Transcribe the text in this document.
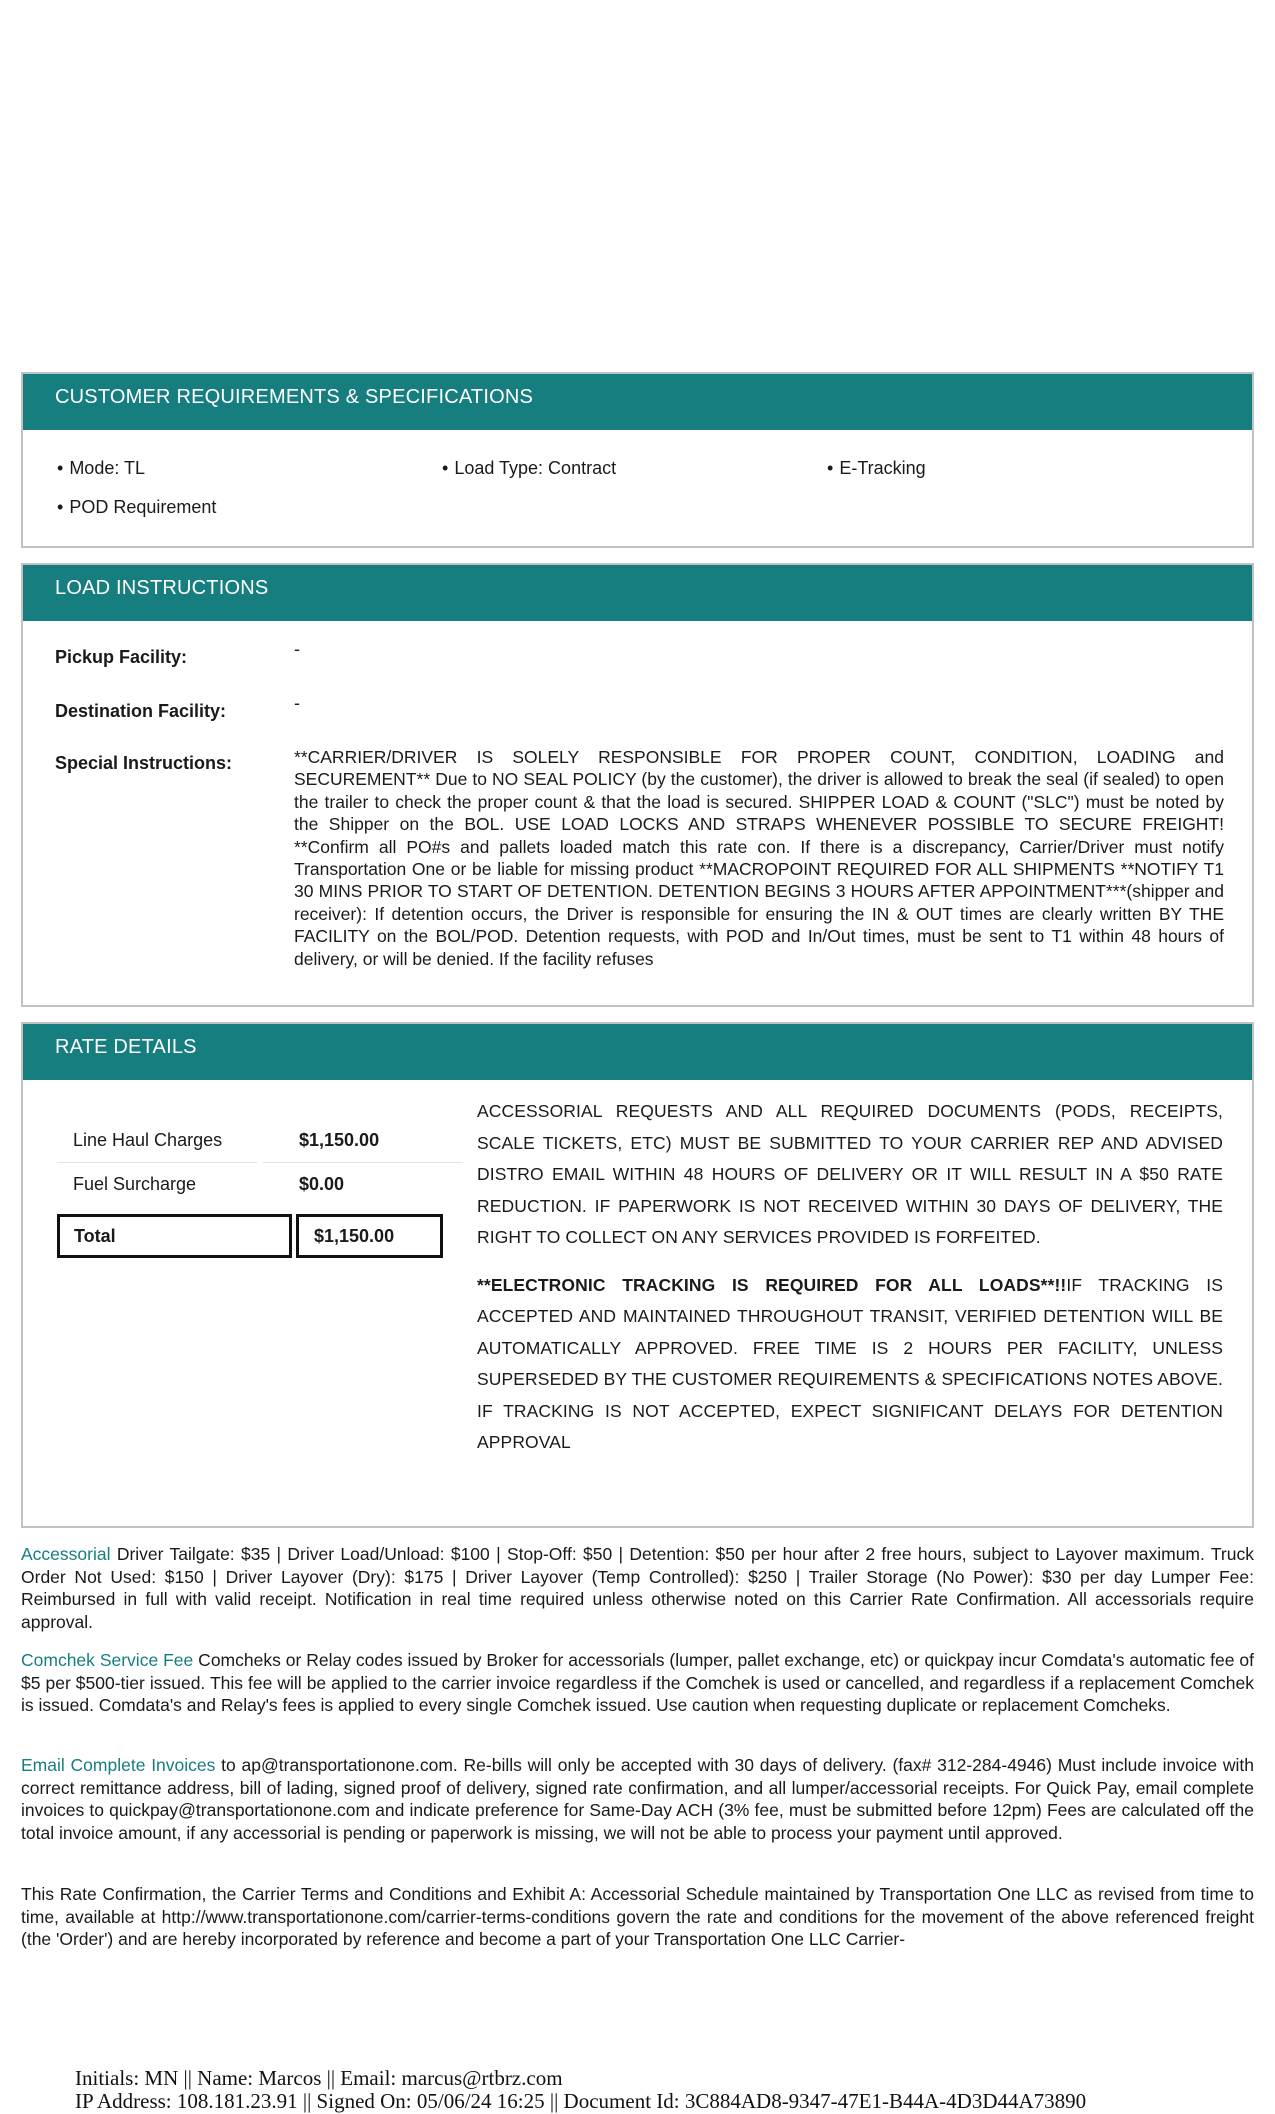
CUSTOMER REQUIREMENTS & SPECIFICATIONS
• Mode: TL	• Load Type: Contract	• E-Tracking
• POD Requirement
LOAD INSTRUCTIONS
Pickup Facility:	-
Destination Facility:	-
Special Instructions:	**CARRIER/DRIVER IS SOLELY RESPONSIBLE FOR PROPER COUNT, CONDITION, LOADING and SECUREMENT** Due to NO SEAL POLICY (by the customer), the driver is allowed to break the seal (if sealed) to open the trailer to check the proper count & that the load is secured. SHIPPER LOAD & COUNT ("SLC") must be noted by the Shipper on the BOL. USE LOAD LOCKS AND STRAPS WHENEVER POSSIBLE TO SECURE FREIGHT! **Confirm all PO#s and pallets loaded match this rate con. If there is a discrepancy, Carrier/Driver must notify Transportation One or be liable for missing product **MACROPOINT REQUIRED FOR ALL SHIPMENTS **NOTIFY T1 30 MINS PRIOR TO START OF DETENTION. DETENTION BEGINS 3 HOURS AFTER APPOINTMENT***(shipper and receiver): If detention occurs, the Driver is responsible for ensuring the IN & OUT times are clearly written BY THE FACILITY on the BOL/POD. Detention requests, with POD and In/Out times, must be sent to T1 within 48 hours of delivery, or will be denied. If the facility refuses
RATE DETAILS
Line Haul Charges	$1,150.00
Fuel Surcharge	$0.00
Total	$1,150.00

ACCESSORIAL REQUESTS AND ALL REQUIRED DOCUMENTS (PODS, RECEIPTS, SCALE TICKETS, ETC) MUST BE SUBMITTED TO YOUR CARRIER REP AND ADVISED DISTRO EMAIL WITHIN 48 HOURS OF DELIVERY OR IT WILL RESULT IN A $50 RATE REDUCTION. IF PAPERWORK IS NOT RECEIVED WITHIN 30 DAYS OF DELIVERY, THE RIGHT TO COLLECT ON ANY SERVICES PROVIDED IS FORFEITED.

**ELECTRONIC TRACKING IS REQUIRED FOR ALL LOADS**!!IF TRACKING IS ACCEPTED AND MAINTAINED THROUGHOUT TRANSIT, VERIFIED DETENTION WILL BE AUTOMATICALLY APPROVED. FREE TIME IS 2 HOURS PER FACILITY, UNLESS SUPERSEDED BY THE CUSTOMER REQUIREMENTS & SPECIFICATIONS NOTES ABOVE. IF TRACKING IS NOT ACCEPTED, EXPECT SIGNIFICANT DELAYS FOR DETENTION APPROVAL

Accessorial Driver Tailgate: $35 | Driver Load/Unload: $100 | Stop-Off: $50 | Detention: $50 per hour after 2 free hours, subject to Layover maximum. Truck Order Not Used: $150 | Driver Layover (Dry): $175 | Driver Layover (Temp Controlled): $250 | Trailer Storage (No Power): $30 per day Lumper Fee: Reimbursed in full with valid receipt. Notification in real time required unless otherwise noted on this Carrier Rate Confirmation. All accessorials require approval.
Comchek Service Fee Comcheks or Relay codes issued by Broker for accessorials (lumper, pallet exchange, etc) or quickpay incur Comdata's automatic fee of $5 per $500-tier issued. This fee will be applied to the carrier invoice regardless if the Comchek is used or cancelled, and regardless if a replacement Comchek is issued. Comdata's and Relay's fees is applied to every single Comchek issued. Use caution when requesting duplicate or replacement Comcheks.
Email Complete Invoices to ap@transportationone.com. Re-bills will only be accepted with 30 days of delivery. (fax# 312-284-4946) Must include invoice with correct remittance address, bill of lading, signed proof of delivery, signed rate confirmation, and all lumper/accessorial receipts. For Quick Pay, email complete invoices to quickpay@transportationone.com and indicate preference for Same-Day ACH (3% fee, must be submitted before 12pm) Fees are calculated off the total invoice amount, if any accessorial is pending or paperwork is missing, we will not be able to process your payment until approved.
This Rate Confirmation, the Carrier Terms and Conditions and Exhibit A: Accessorial Schedule maintained by Transportation One LLC as revised from time to time, available at http://www.transportationone.com/carrier-terms-conditions govern the rate and conditions for the movement of the above referenced freight (the 'Order') and are hereby incorporated by reference and become a part of your Transportation One LLC Carrier-
Initials: MN || Name: Marcos || Email: marcus@rtbrz.com
IP Address: 108.181.23.91 || Signed On: 05/06/24 16:25 || Document Id: 3C884AD8-9347-47E1-B44A-4D3D44A73890
